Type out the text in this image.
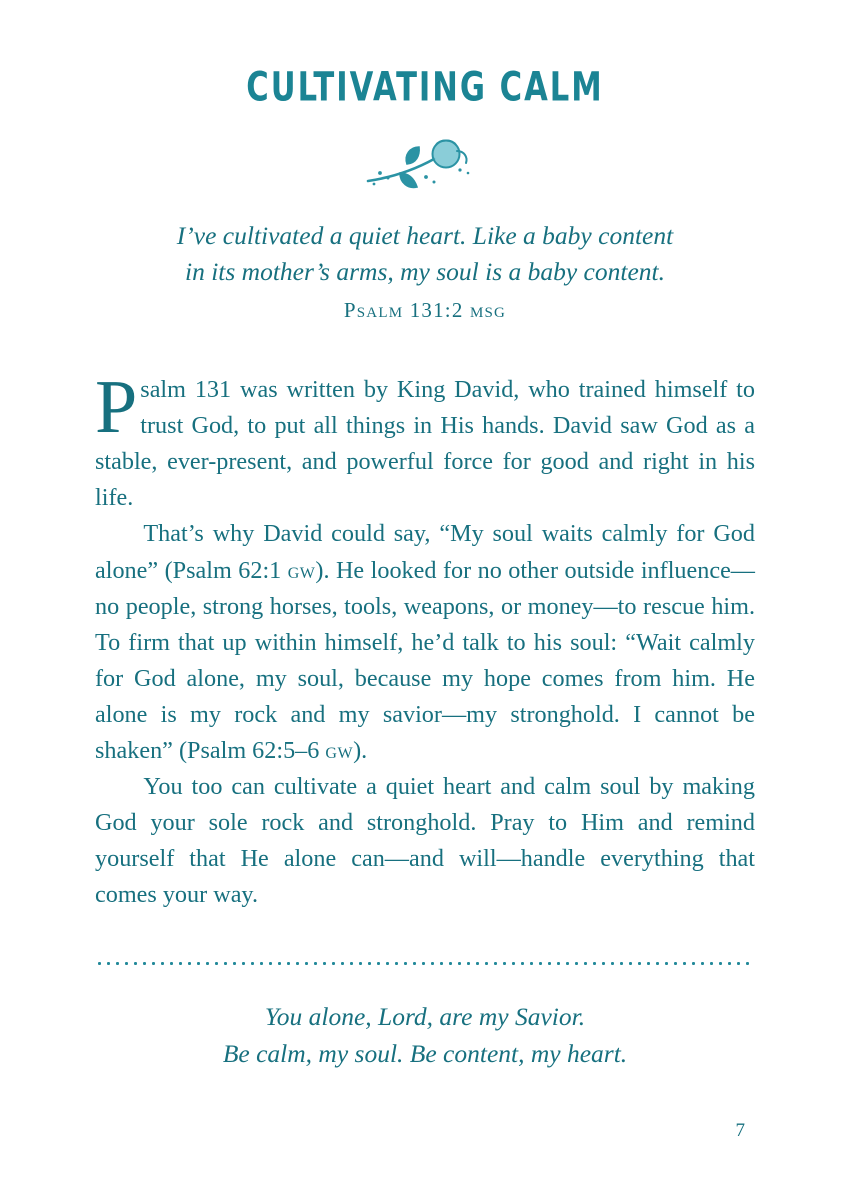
CULTIVATING CALM
I’ve cultivated a quiet heart. Like a baby content
in its mother’s arms, my soul is a baby content.
Psalm 131:2 msg

Psalm 131 was written by King David, who trained himself to trust God, to put all things in His hands. David saw God as a stable, ever-present, and powerful force for good and right in his life.

That’s why David could say, “My soul waits calmly for God alone” (Psalm 62:1 gw). He looked for no other outside influence—no people, strong horses, tools, weapons, or money—to rescue him. To firm that up within himself, he’d talk to his soul: “Wait calmly for God alone, my soul, because my hope comes from him. He alone is my rock and my savior—my stronghold. I cannot be shaken” (Psalm 62:5–6 gw).

You too can cultivate a quiet heart and calm soul by making God your sole rock and stronghold. Pray to Him and remind yourself that He alone can—and will—handle everything that comes your way.

You alone, Lord, are my Savior.
Be calm, my soul. Be content, my heart.
7
